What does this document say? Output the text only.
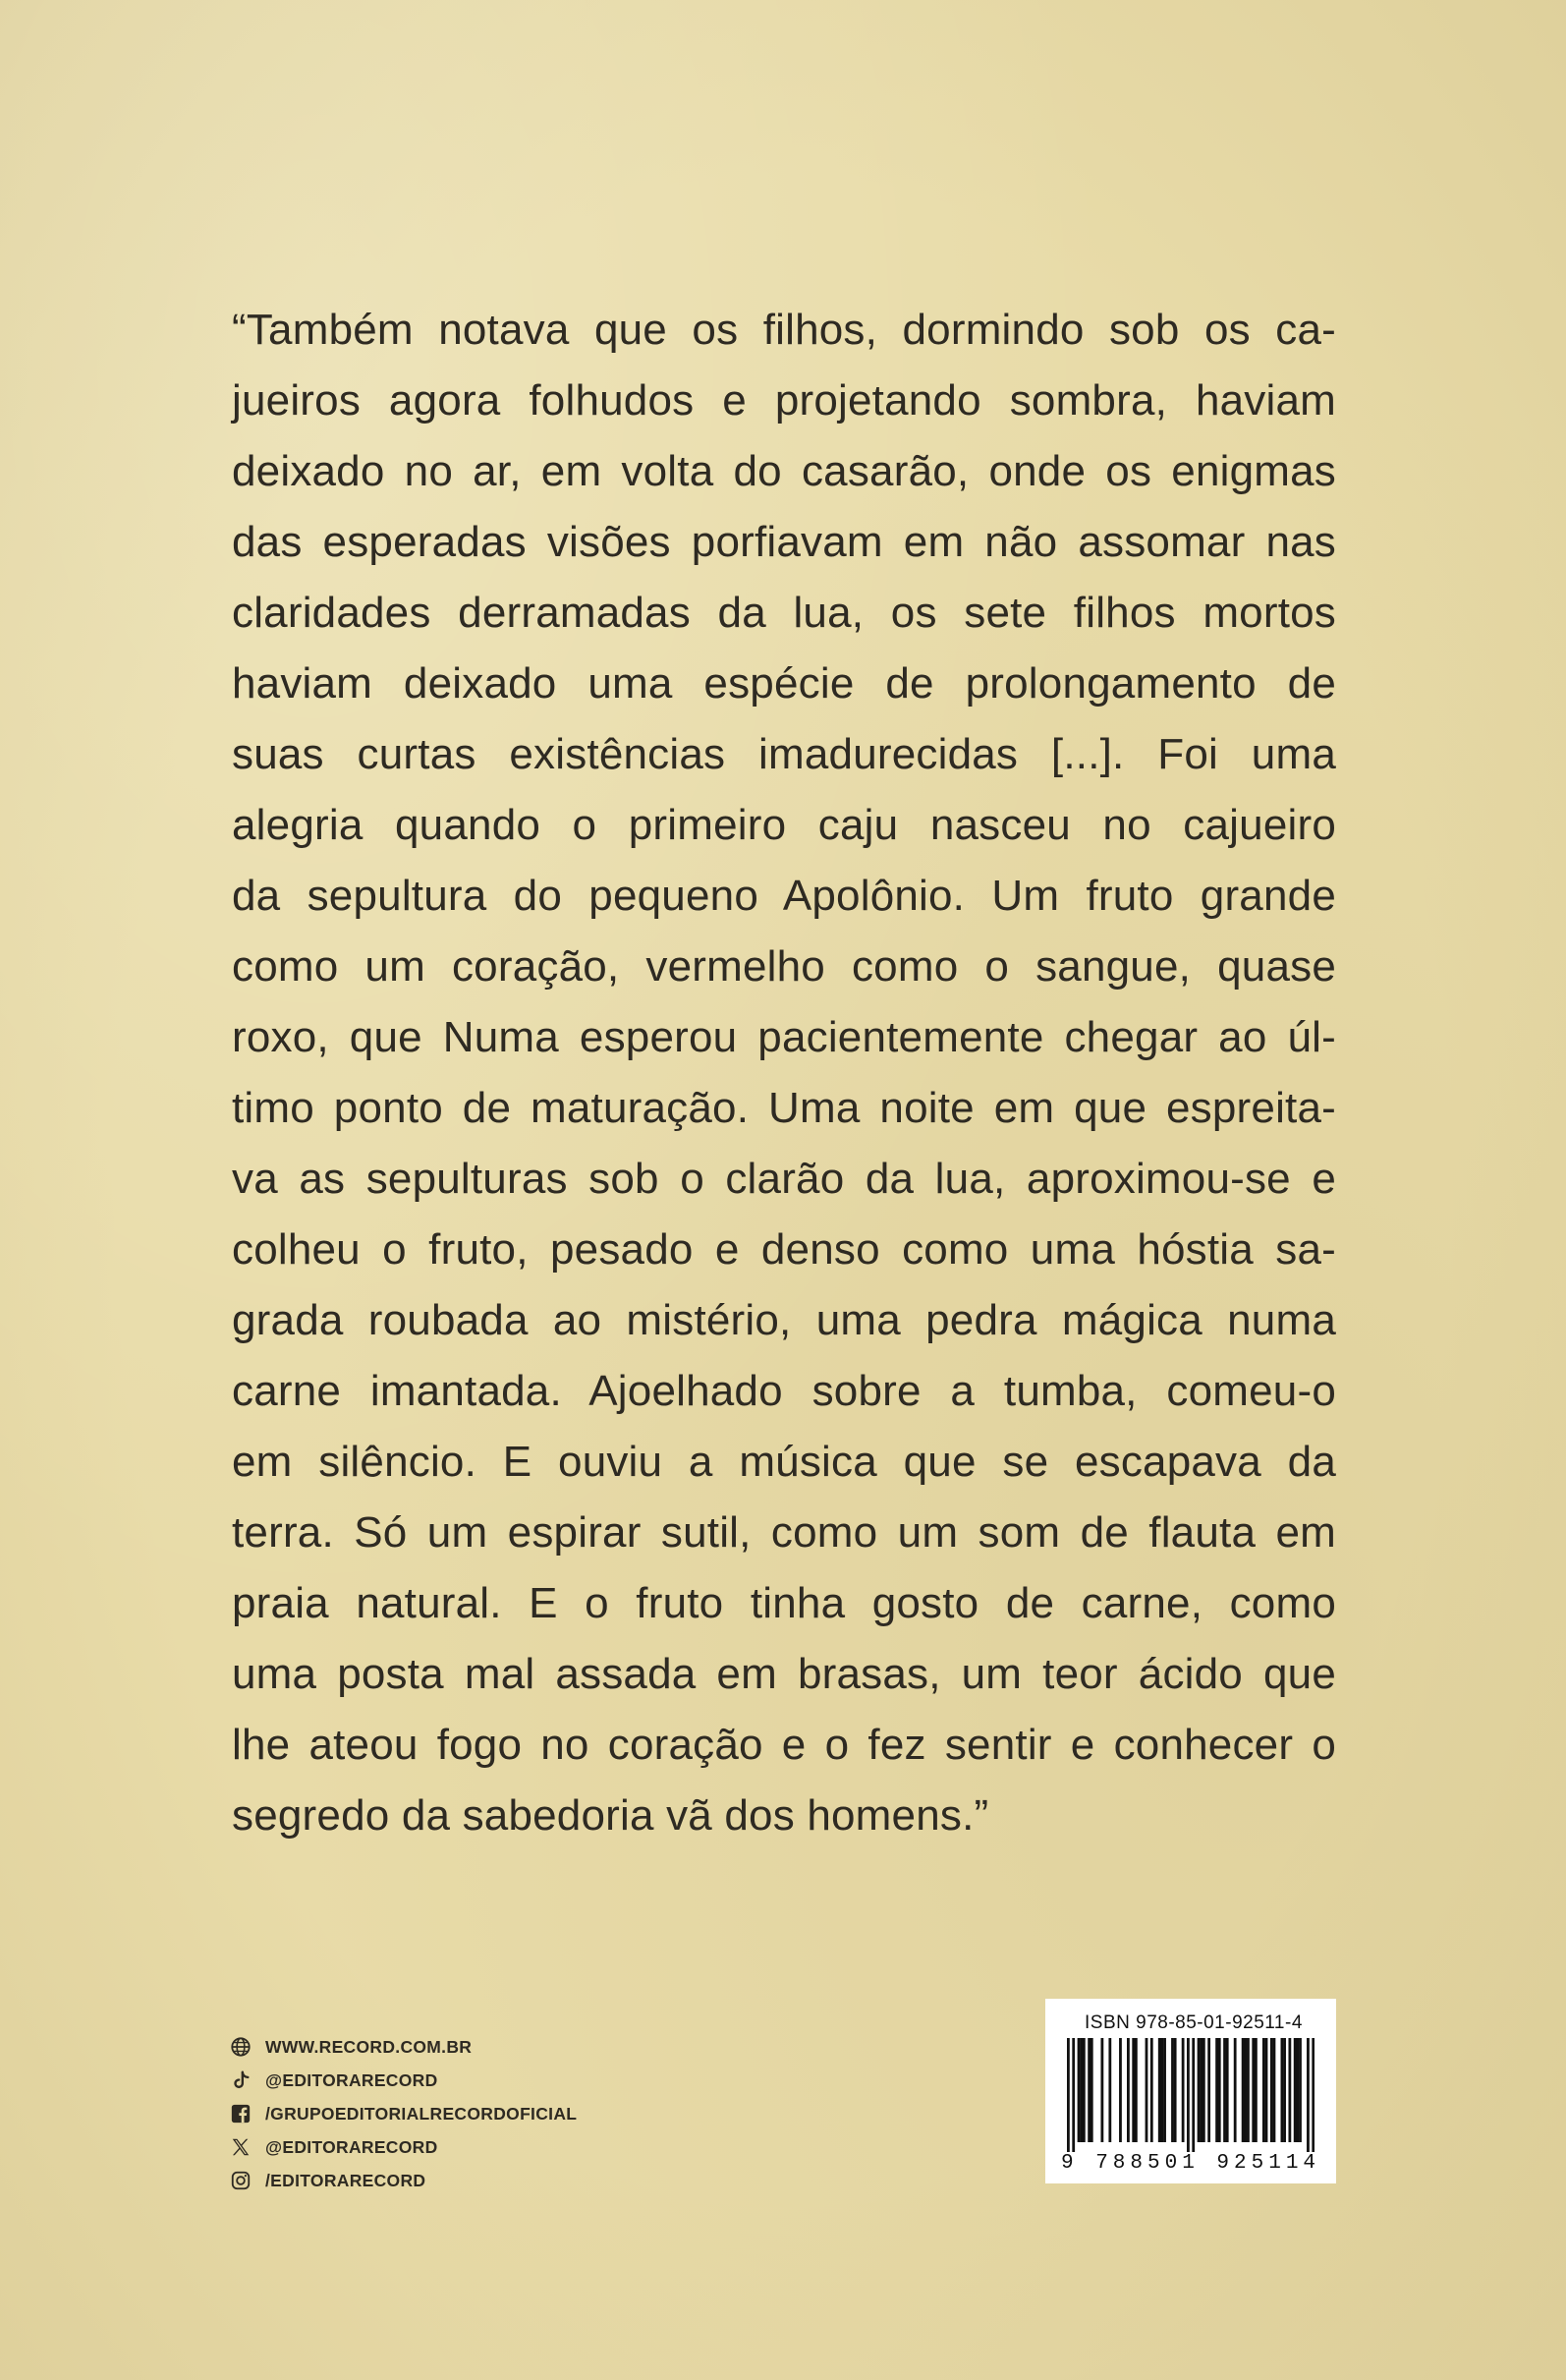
“Também notava que os filhos, dormindo sob os ca-
jueiros agora folhudos e projetando sombra, haviam
deixado no ar, em volta do casarão, onde os enigmas
das esperadas visões porfiavam em não assomar nas
claridades derramadas da lua, os sete filhos mortos
haviam deixado uma espécie de prolongamento de
suas curtas existências imadurecidas [...]. Foi uma
alegria quando o primeiro caju nasceu no cajueiro
da sepultura do pequeno Apolônio. Um fruto grande
como um coração, vermelho como o sangue, quase
roxo, que Numa esperou pacientemente chegar ao úl-
timo ponto de maturação. Uma noite em que espreita-
va as sepulturas sob o clarão da lua, aproximou-se e
colheu o fruto, pesado e denso como uma hóstia sa-
grada roubada ao mistério, uma pedra mágica numa
carne imantada. Ajoelhado sobre a tumba, comeu-o
em silêncio. E ouviu a música que se escapava da
terra. Só um espirar sutil, como um som de flauta em
praia natural. E o fruto tinha gosto de carne, como
uma posta mal assada em brasas, um teor ácido que
lhe ateou fogo no coração e o fez sentir e conhecer o
segredo da sabedoria vã dos homens.”
WWW.RECORD.COM.BR
@EDITORARECORD
/GRUPOEDITORIALRECORDOFICIAL
@EDITORARECORD
/EDITORARECORD
ISBN 978-85-01-92511-4
9 788501 925114
